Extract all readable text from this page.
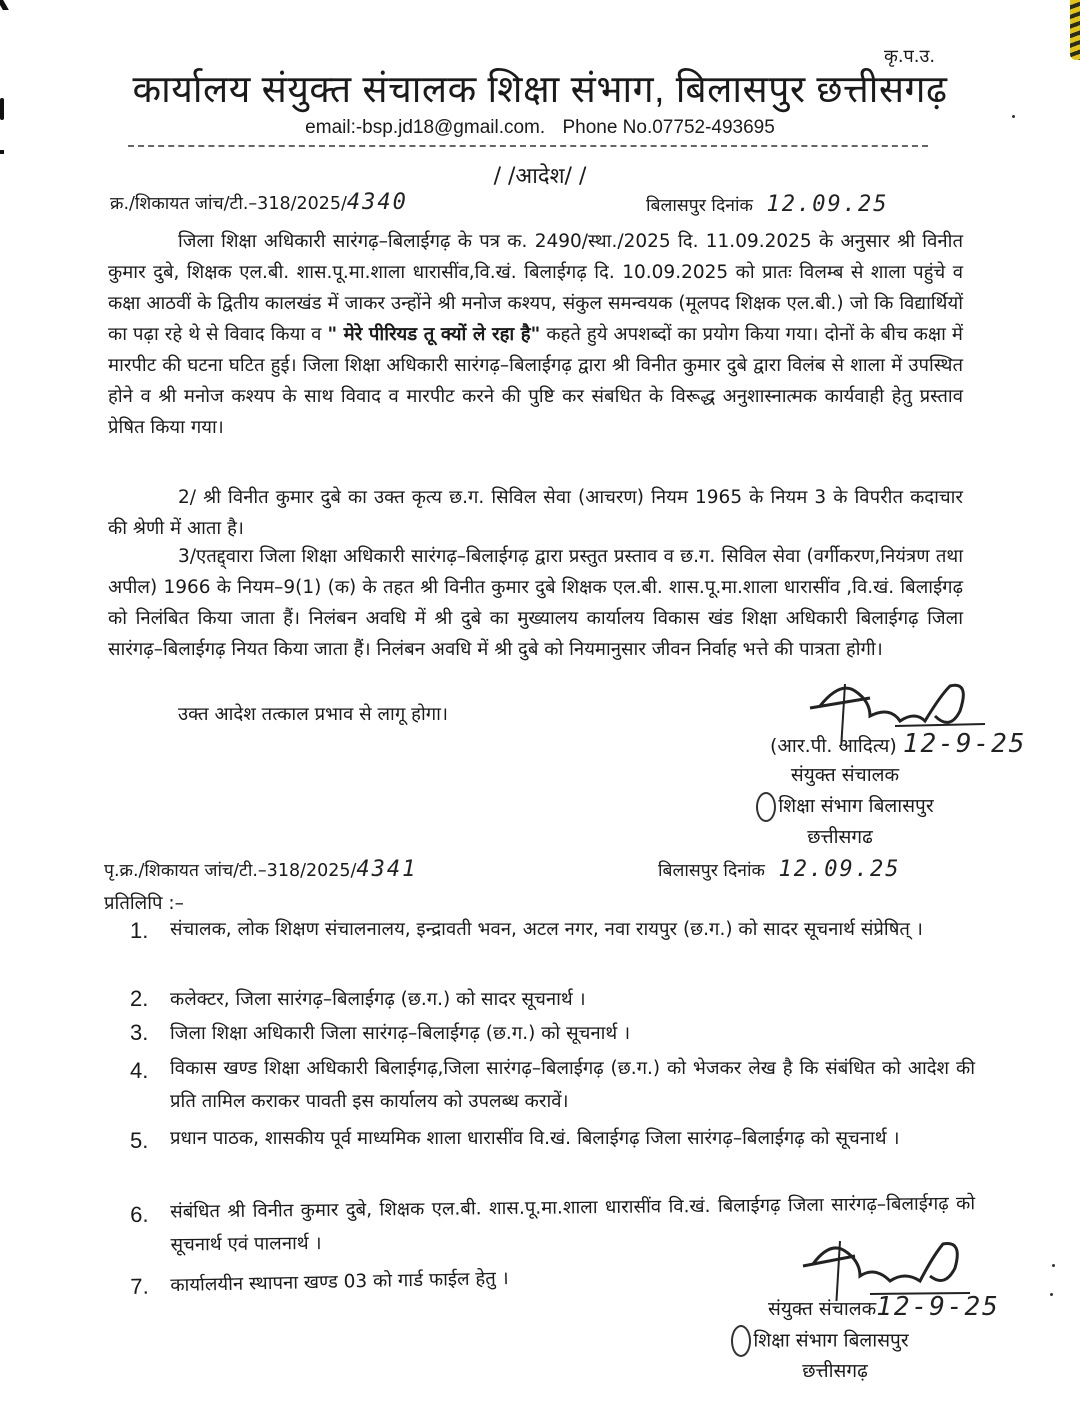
कृ.प.उ.
कार्यालय संयुक्त संचालक शिक्षा संभाग, बिलासपुर छत्तीसगढ़
email:-bsp.jd18@gmail.com. Phone No.07752-493695
/ /आदेश/ /
क्र./शिकायत जांच/टी.–318/2025/4340	बिलासपुर दिनांक 12.09.25
जिला शिक्षा अधिकारी सारंगढ़–बिलाईगढ़ के पत्र क. 2490/स्था./2025 दि. 11.09.2025 के अनुसार श्री विनीत कुमार दुबे, शिक्षक एल.बी. शास.पू.मा.शाला धारासींव,वि.खं. बिलाईगढ़ दि. 10.09.2025 को प्रातः विलम्ब से शाला पहुंचे व कक्षा आठवीं के द्वितीय कालखंड में जाकर उन्होंने श्री मनोज कश्यप, संकुल समन्वयक (मूलपद शिक्षक एल.बी.) जो कि विद्यार्थियों का पढ़ा रहे थे से विवाद किया व " मेरे पीरियड तू क्यों ले रहा है" कहते हुये अपशब्दों का प्रयोग किया गया। दोनों के बीच कक्षा में मारपीट की घटना घटित हुई। जिला शिक्षा अधिकारी सारंगढ़–बिलाईगढ़ द्वारा श्री विनीत कुमार दुबे द्वारा विलंब से शाला में उपस्थित होने व श्री मनोज कश्यप के साथ विवाद व मारपीट करने की पुष्टि कर संबधित के विरूद्ध अनुशास्नात्मक कार्यवाही हेतु प्रस्ताव प्रेषित किया गया।
2/ श्री विनीत कुमार दुबे का उक्त कृत्य छ.ग. सिविल सेवा (आचरण) नियम 1965 के नियम 3 के विपरीत कदाचार की श्रेणी में आता है।
3/एतद्द्वारा जिला शिक्षा अधिकारी सारंगढ़–बिलाईगढ़ द्वारा प्रस्तुत प्रस्ताव व छ.ग. सिविल सेवा (वर्गीकरण,नियंत्रण तथा अपील) 1966 के नियम–9(1) (क) के तहत श्री विनीत कुमार दुबे शिक्षक एल.बी. शास.पू.मा.शाला धारासींव ,वि.खं. बिलाईगढ़ को निलंबित किया जाता हैं। निलंबन अवधि में श्री दुबे का मुख्यालय कार्यालय विकास खंड शिक्षा अधिकारी बिलाईगढ़ जिला सारंगढ़–बिलाईगढ़ नियत किया जाता हैं। निलंबन अवधि में श्री दुबे को नियमानुसार जीवन निर्वाह भत्ते की पात्रता होगी।
उक्त आदेश तत्काल प्रभाव से लागू होगा।
(आर.पी. आदित्य) 12-9-25
संयुक्त संचालक
शिक्षा संभाग बिलासपुर
छत्तीसगढ
पृ.क्र./शिकायत जांच/टी.–318/2025/4341	बिलासपुर दिनांक 12.09.25
प्रतिलिपि :–
1. संचालक, लोक शिक्षण संचालनालय, इन्द्रावती भवन, अटल नगर, नवा रायपुर (छ.ग.) को सादर सूचनार्थ संप्रेषित् ।
2. कलेक्टर, जिला सारंगढ़–बिलाईगढ़ (छ.ग.) को सादर सूचनार्थ ।
3. जिला शिक्षा अधिकारी जिला सारंगढ़–बिलाईगढ़ (छ.ग.) को सूचनार्थ ।
4. विकास खण्ड शिक्षा अधिकारी बिलाईगढ़,जिला सारंगढ़–बिलाईगढ़ (छ.ग.) को भेजकर लेख है कि संबंधित को आदेश की प्रति तामिल कराकर पावती इस कार्यालय को उपलब्ध करावें।
5. प्रधान पाठक, शासकीय पूर्व माध्यमिक शाला धारासींव वि.खं. बिलाईगढ़ जिला सारंगढ़–बिलाईगढ़ को सूचनार्थ ।
6. संबंधित श्री विनीत कुमार दुबे, शिक्षक एल.बी. शास.पू.मा.शाला धारासींव वि.खं. बिलाईगढ़ जिला सारंगढ़–बिलाईगढ़ को सूचनार्थ एवं पालनार्थ ।
7. कार्यालयीन स्थापना खण्ड 03 को गार्ड फाईल हेतु ।
संयुक्त संचालक12-9-25
शिक्षा संभाग बिलासपुर
छत्तीसगढ़
